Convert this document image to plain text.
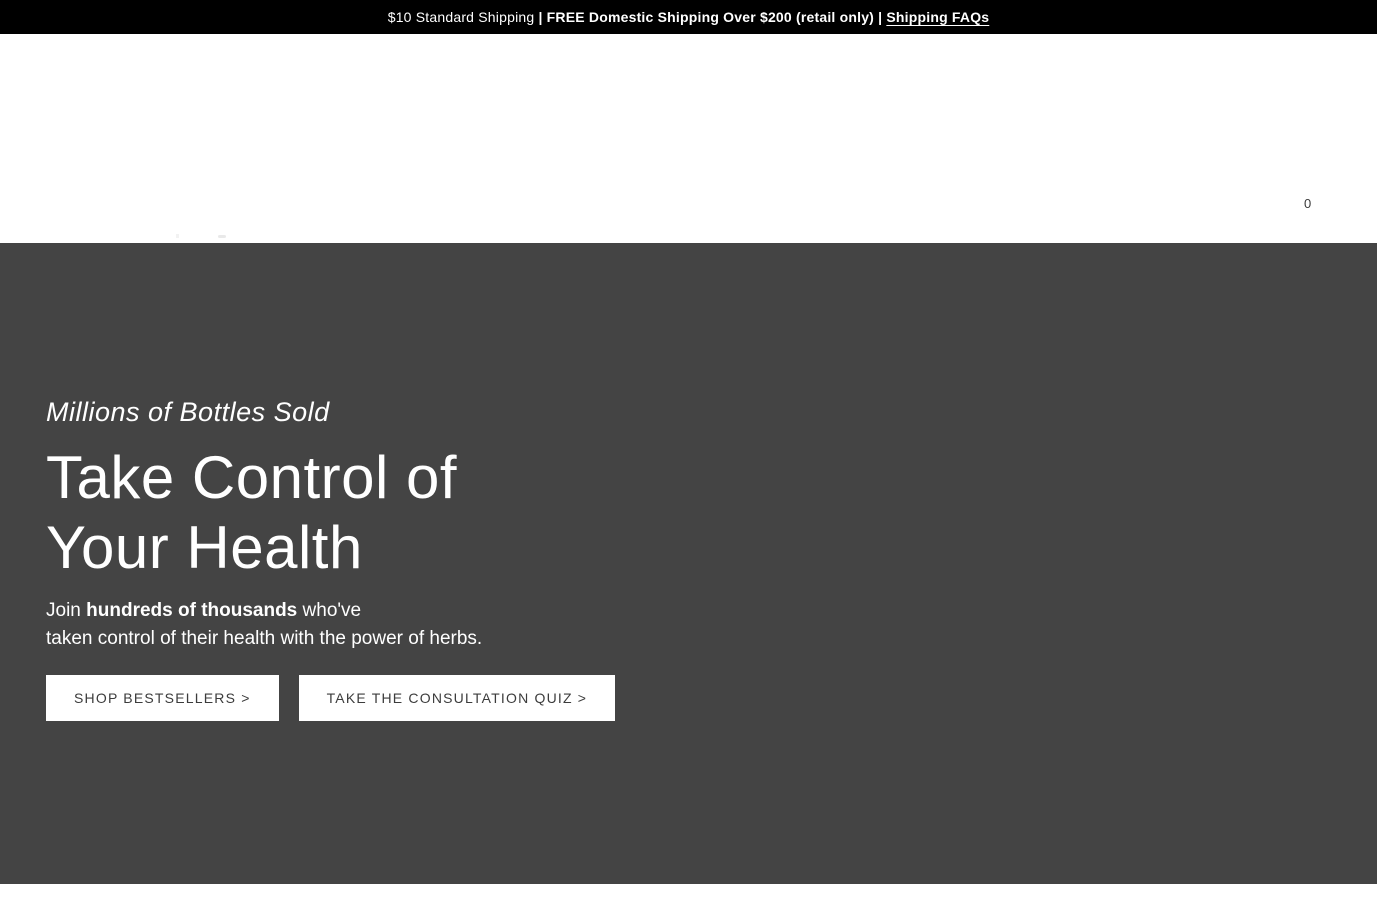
$10 Standard Shipping | FREE Domestic Shipping Over $200 (retail only) | Shipping FAQs
0
Millions of Bottles Sold
Take Control of
Your Health

Join hundreds of thousands who've
taken control of their health with the power of herbs.

SHOP BESTSELLERS >	TAKE THE CONSULTATION QUIZ >
